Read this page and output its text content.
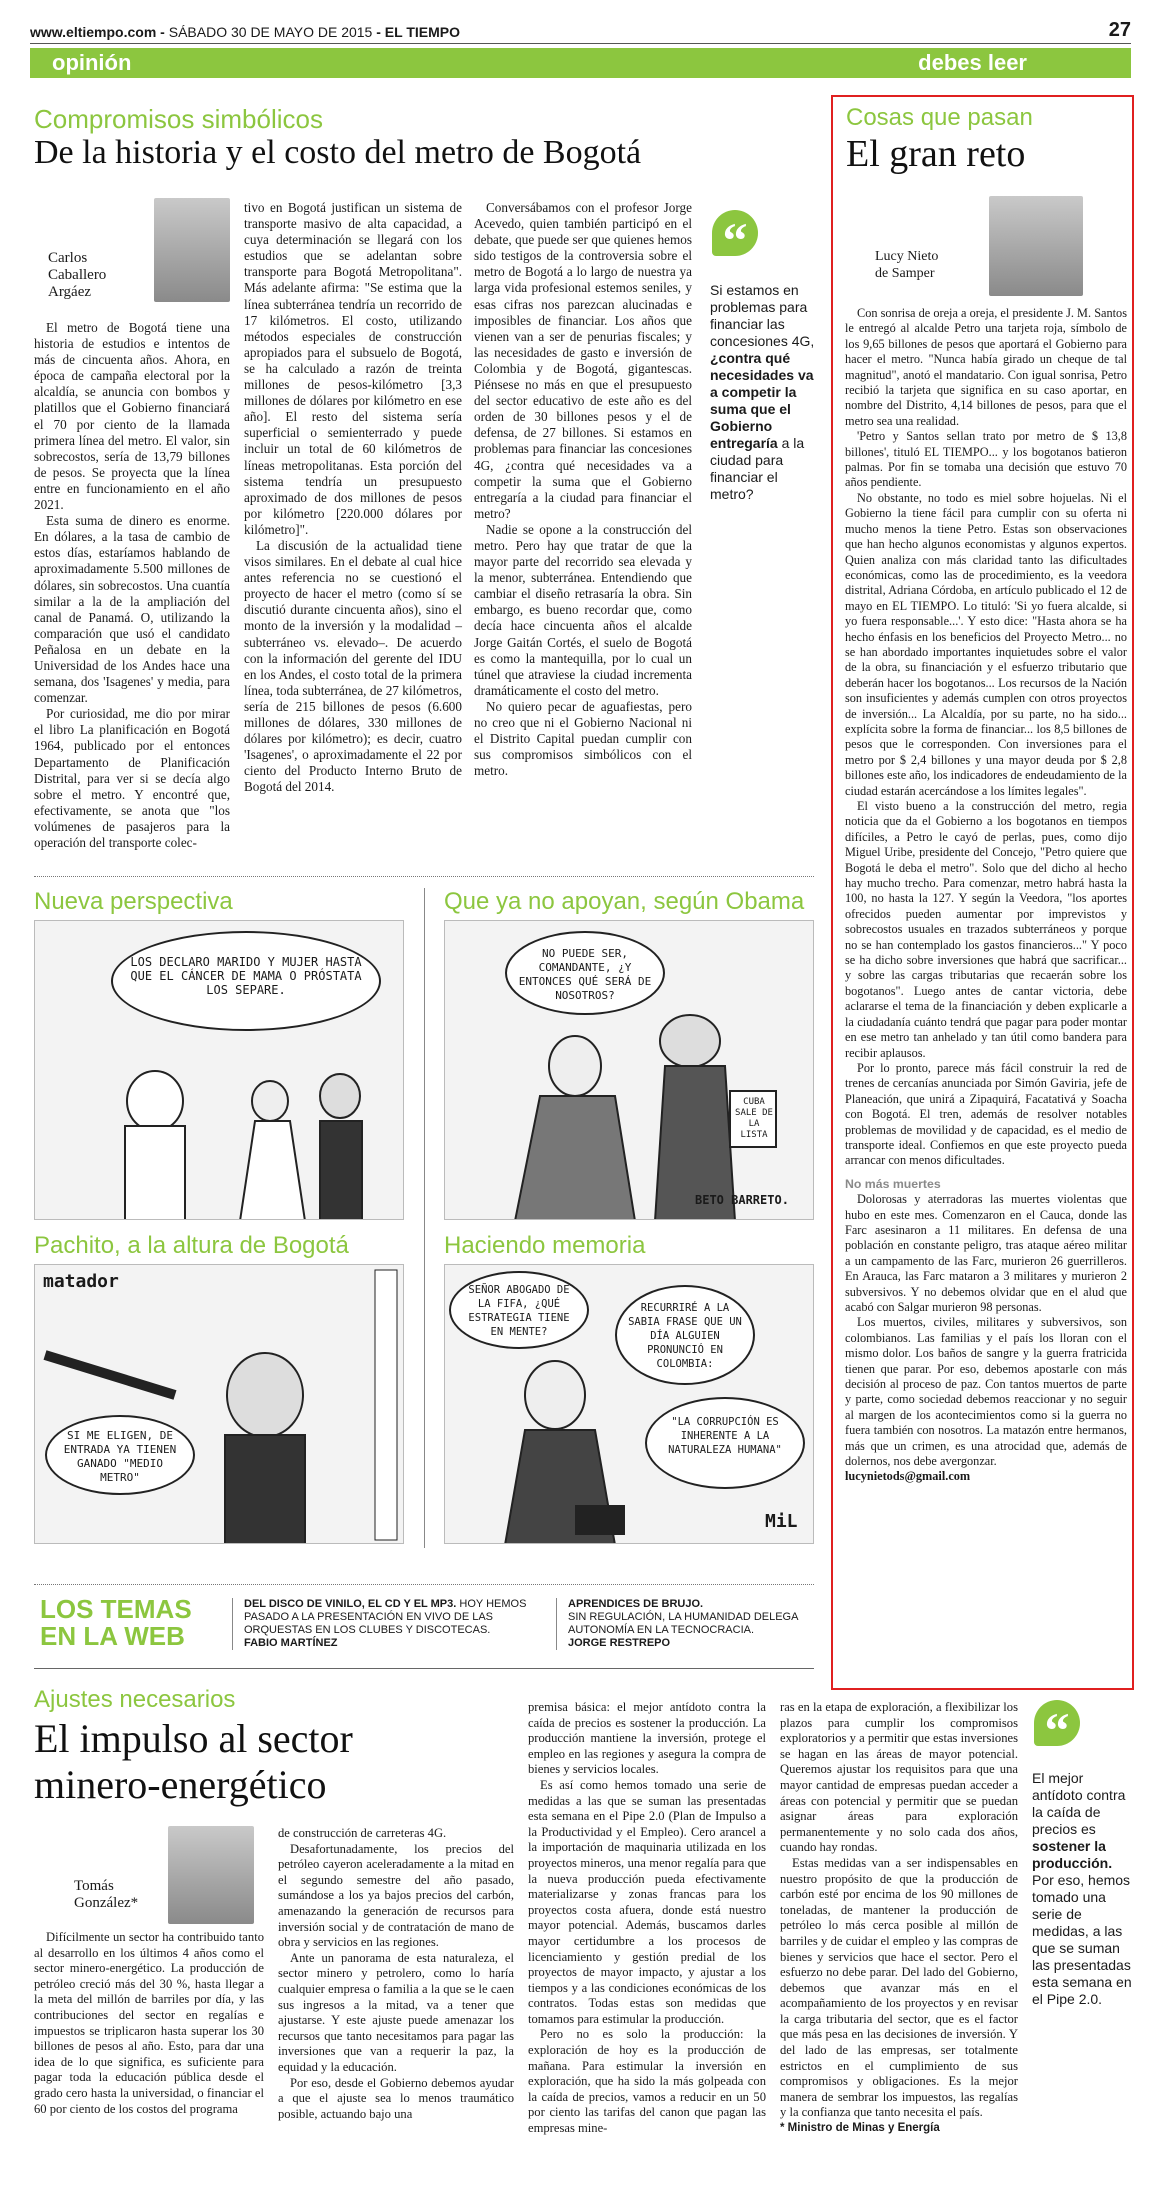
www.eltiempo.com - SÁBADO 30 DE MAYO DE 2015 - EL TIEMPO	27
opinión	debes leer
Compromisos simbólicos
De la historia y el costo del metro de Bogotá
Carlos
Caballero
Argáez

El metro de Bogotá tiene una historia de estudios e intentos de más de cincuenta años. Ahora, en época de campaña electoral por la alcaldía, se anuncia con bombos y platillos que el Gobierno financiará el 70 por ciento de la llamada primera línea del metro. El valor, sin sobrecostos, sería de 13,79 billones de pesos. Se proyecta que la línea entre en funcionamiento en el año 2021.

Esta suma de dinero es enorme. En dólares, a la tasa de cambio de estos días, estaríamos hablando de aproximadamente 5.500 millones de dólares, sin sobrecostos. Una cuantía similar a la de la ampliación del canal de Panamá. O, utilizando la comparación que usó el candidato Peñalosa en un debate en la Universidad de los Andes hace una semana, dos 'Isagenes' y media, para comenzar.

Por curiosidad, me dio por mirar el libro La planificación en Bogotá 1964, publicado por el entonces Departamento de Planificación Distrital, para ver si se decía algo sobre el metro. Y encontré que, efectivamente, se anota que "los volúmenes de pasajeros para la operación del transporte colec-

tivo en Bogotá justifican un sistema de transporte masivo de alta capacidad, a cuya determinación se llegará con los estudios que se adelantan sobre transporte para Bogotá Metropolitana". Más adelante afirma: "Se estima que la línea subterránea tendría un recorrido de 17 kilómetros. El costo, utilizando métodos especiales de construcción apropiados para el subsuelo de Bogotá, se ha calculado a razón de treinta millones de pesos-kilómetro [3,3 millones de dólares por kilómetro en ese año]. El resto del sistema sería superficial o semienterrado y puede incluir un total de 60 kilómetros de líneas metropolitanas. Esta porción del sistema tendría un presupuesto aproximado de dos millones de pesos por kilómetro [220.000 dólares por kilómetro]".

La discusión de la actualidad tiene visos similares. En el debate al cual hice antes referencia no se cuestionó el proyecto de hacer el metro (como sí se discutió durante cincuenta años), sino el monto de la inversión y la modalidad –subterráneo vs. elevado–. De acuerdo con la información del gerente del IDU en los Andes, el costo total de la primera línea, toda subterránea, de 27 kilómetros, sería de 215 billones de pesos (6.600 millones de dólares, 330 millones de dólares por kilómetro); es decir, cuatro 'Isagenes', o aproximadamente el 22 por ciento del Producto Interno Bruto de Bogotá del 2014.

Conversábamos con el profesor Jorge Acevedo, quien también participó en el debate, que puede ser que quienes hemos sido testigos de la controversia sobre el metro de Bogotá a lo largo de nuestra ya larga vida profesional estemos seniles, y esas cifras nos parezcan alucinadas e imposibles de financiar. Los años que vienen van a ser de penurias fiscales; y las necesidades de gasto e inversión de Colombia y de Bogotá, gigantescas. Piénsese no más en que el presupuesto del sector educativo de este año es del orden de 30 billones pesos y el de defensa, de 27 billones. Si estamos en problemas para financiar las concesiones 4G, ¿contra qué necesidades va a competir la suma que el Gobierno entregaría a la ciudad para financiar el metro?

Nadie se opone a la construcción del metro. Pero hay que tratar de que la mayor parte del recorrido sea elevada y la menor, subterránea. Entendiendo que cambiar el diseño retrasaría la obra. Sin embargo, es bueno recordar que, como decía hace cincuenta años el alcalde Jorge Gaitán Cortés, el suelo de Bogotá es como la mantequilla, por lo cual un túnel que atraviese la ciudad incrementa dramáticamente el costo del metro.

No quiero pecar de aguafiestas, pero no creo que ni el Gobierno Nacional ni el Distrito Capital puedan cumplir con sus compromisos simbólicos con el metro.

“
Si estamos en problemas para financiar las concesiones 4G, ¿contra qué necesidades va a competir la suma que el Gobierno entregaría a la ciudad para financiar el metro?
Cosas que pasan
El gran reto
Lucy Nieto
de Samper

Con sonrisa de oreja a oreja, el presidente J. M. Santos le entregó al alcalde Petro una tarjeta roja, símbolo de los 9,65 billones de pesos que aportará el Gobierno para hacer el metro. "Nunca había girado un cheque de tal magnitud", anotó el mandatario. Con igual sonrisa, Petro recibió la tarjeta que significa en su caso aportar, en nombre del Distrito, 4,14 billones de pesos, para que el metro sea una realidad.

'Petro y Santos sellan trato por metro de $ 13,8 billones', tituló EL TIEMPO... y los bogotanos batieron palmas. Por fin se tomaba una decisión que estuvo 70 años pendiente.

No obstante, no todo es miel sobre hojuelas. Ni el Gobierno la tiene fácil para cumplir con su oferta ni mucho menos la tiene Petro. Estas son observaciones que han hecho algunos economistas y algunos expertos. Quien analiza con más claridad tanto las dificultades económicas, como las de procedimiento, es la veedora distrital, Adriana Córdoba, en artículo publicado el 12 de mayo en EL TIEMPO. Lo tituló: 'Si yo fuera alcalde, si yo fuera responsable...'. Y esto dice: "Hasta ahora se ha hecho énfasis en los beneficios del Proyecto Metro... no se han abordado importantes inquietudes sobre el valor de la obra, su financiación y el esfuerzo tributario que deberán hacer los bogotanos... Los recursos de la Nación son insuficientes y además cumplen con otros proyectos de inversión... La Alcaldía, por su parte, no ha sido... explícita sobre la forma de financiar... los 8,5 billones de pesos que le corresponden. Con inversiones para el metro por $ 2,4 billones y una mayor deuda por $ 2,8 billones este año, los indicadores de endeudamiento de la ciudad estarán acercándose a los límites legales".

El visto bueno a la construcción del metro, regia noticia que da el Gobierno a los bogotanos en tiempos difíciles, a Petro le cayó de perlas, pues, como dijo Miguel Uribe, presidente del Concejo, "Petro quiere que Bogotá le deba el metro". Solo que del dicho al hecho hay mucho trecho. Para comenzar, metro habrá hasta la 100, no hasta la 127. Y según la Veedora, "los aportes ofrecidos pueden aumentar por imprevistos y sobrecostos usuales en trazados subterráneos y porque no se han contemplado los gastos financieros..." Y poco se ha dicho sobre inversiones que habrá que sacrificar... y sobre las cargas tributarias que recaerán sobre los bogotanos". Luego antes de cantar victoria, debe aclararse el tema de la financiación y deben explicarle a la ciudadanía cuánto tendrá que pagar para poder montar en ese metro tan anhelado y tan útil como bandera para recibir aplausos.

Por lo pronto, parece más fácil construir la red de trenes de cercanías anunciada por Simón Gaviria, jefe de Planeación, que unirá a Zipaquirá, Facatativá y Soacha con Bogotá. El tren, además de resolver notables problemas de movilidad y de capacidad, es el medio de transporte ideal. Confiemos en que este proyecto pueda arrancar con menos dificultades.

No más muertes

Dolorosas y aterradoras las muertes violentas que hubo en este mes. Comenzaron en el Cauca, donde las Farc asesinaron a 11 militares. En defensa de una población en constante peligro, tras ataque aéreo militar a un campamento de las Farc, murieron 26 guerrilleros. En Arauca, las Farc mataron a 3 militares y murieron 2 subversivos. Y no debemos olvidar que en el alud que acabó con Salgar murieron 98 personas.

Los muertos, civiles, militares y subversivos, son colombianos. Las familias y el país los lloran con el mismo dolor. Los baños de sangre y la guerra fratricida tienen que parar. Por eso, debemos apostarle con más decisión al proceso de paz. Con tantos muertos de parte y parte, como sociedad debemos reaccionar y no seguir al margen de los acontecimientos como si la guerra no fuera también con nosotros. La matazón entre hermanos, más que un crimen, es una atrocidad que, además de dolernos, nos debe avergonzar.

lucynietods@gmail.com

Nueva perspectiva
LOS DECLARO MARIDO Y MUJER HASTA QUE EL CÁNCER DE MAMA O PRÓSTATA LOS SEPARE.
Que ya no apoyan, según Obama
NO PUEDE SER, COMANDANTE, ¿Y ENTONCES QUÉ SERÁ DE NOSOTROS?
CUBA SALE DE LA LISTA
BETO BARRETO.
Pachito, a la altura de Bogotá
matador
SI ME ELIGEN, DE ENTRADA YA TIENEN GANADO "MEDIO METRO"
Haciendo memoria
SEÑOR ABOGADO DE LA FIFA, ¿QUÉ ESTRATEGIA TIENE EN MENTE?
RECURRIRÉ A LA SABIA FRASE QUE UN DÍA ALGUIEN PRONUNCIÓ EN COLOMBIA:
"LA CORRUPCIÓN ES INHERENTE A LA NATURALEZA HUMANA"
MiL
LOS TEMAS
EN LA WEB
DEL DISCO DE VINILO, EL CD Y EL MP3. HOY HEMOS PASADO A LA PRESENTACIÓN EN VIVO DE LAS ORQUESTAS EN LOS CLUBES Y DISCOTECAS.
FABIO MARTÍNEZ
APRENDICES DE BRUJO.
SIN REGULACIÓN, LA HUMANIDAD DELEGA AUTONOMÍA EN LA TECNOCRACIA.
JORGE RESTREPO
Ajustes necesarios
El impulso al sector
minero-energético
Tomás
González*

Difícilmente un sector ha contribuido tanto al desarrollo en los últimos 4 años como el sector minero-energético. La producción de petróleo creció más del 30 %, hasta llegar a la meta del millón de barriles por día, y las contribuciones del sector en regalías e impuestos se triplicaron hasta superar los 30 billones de pesos al año. Esto, para dar una idea de lo que significa, es suficiente para pagar toda la educación pública desde el grado cero hasta la universidad, o financiar el 60 por ciento de los costos del programa

de construcción de carreteras 4G.

Desafortunadamente, los precios del petróleo cayeron aceleradamente a la mitad en el segundo semestre del año pasado, sumándose a los ya bajos precios del carbón, amenazando la generación de recursos para inversión social y de contratación de mano de obra y servicios en las regiones.

Ante un panorama de esta naturaleza, el sector minero y petrolero, como lo haría cualquier empresa o familia a la que se le caen sus ingresos a la mitad, va a tener que ajustarse. Y este ajuste puede amenazar los recursos que tanto necesitamos para pagar las inversiones que van a requerir la paz, la equidad y la educación.

Por eso, desde el Gobierno debemos ayudar a que el ajuste sea lo menos traumático posible, actuando bajo una

premisa básica: el mejor antídoto contra la caída de precios es sostener la producción. La producción mantiene la inversión, protege el empleo en las regiones y asegura la compra de bienes y servicios locales.

Es así como hemos tomado una serie de medidas a las que se suman las presentadas esta semana en el Pipe 2.0 (Plan de Impulso a la Productividad y el Empleo). Cero arancel a la importación de maquinaria utilizada en los proyectos mineros, una menor regalía para que la nueva producción pueda efectivamente materializarse y zonas francas para los proyectos costa afuera, donde está nuestro mayor potencial. Además, buscamos darles mayor certidumbre a los procesos de licenciamiento y gestión predial de los proyectos de mayor impacto, y ajustar a los tiempos y a las condiciones económicas de los contratos. Todas estas son medidas que tomamos para estimular la producción.

Pero no es solo la producción: la exploración de hoy es la producción de mañana. Para estimular la inversión en exploración, que ha sido la más golpeada con la caída de precios, vamos a reducir en un 50 por ciento las tarifas del canon que pagan las empresas mine-

ras en la etapa de exploración, a flexibilizar los plazos para cumplir los compromisos exploratorios y a permitir que estas inversiones se hagan en las áreas de mayor potencial. Queremos ajustar los requisitos para que una mayor cantidad de empresas puedan acceder a áreas con potencial y permitir que se puedan asignar áreas para exploración permanentemente y no solo cada dos años, cuando hay rondas.

Estas medidas van a ser indispensables en nuestro propósito de que la producción de carbón esté por encima de los 90 millones de toneladas, de mantener la producción de petróleo lo más cerca posible al millón de barriles y de cuidar el empleo y las compras de bienes y servicios que hace el sector. Pero el esfuerzo no debe parar. Del lado del Gobierno, debemos que avanzar más en el acompañamiento de los proyectos y en revisar la carga tributaria del sector, que es el factor que más pesa en las decisiones de inversión. Y del lado de las empresas, ser totalmente estrictos en el cumplimiento de sus compromisos y obligaciones. Es la mejor manera de sembrar los impuestos, las regalías y la confianza que tanto necesita el país.

* Ministro de Minas y Energía

“
El mejor antídoto contra la caída de precios es sostener la producción. Por eso, hemos tomado una serie de medidas, a las que se suman las presentadas esta semana en el Pipe 2.0.
